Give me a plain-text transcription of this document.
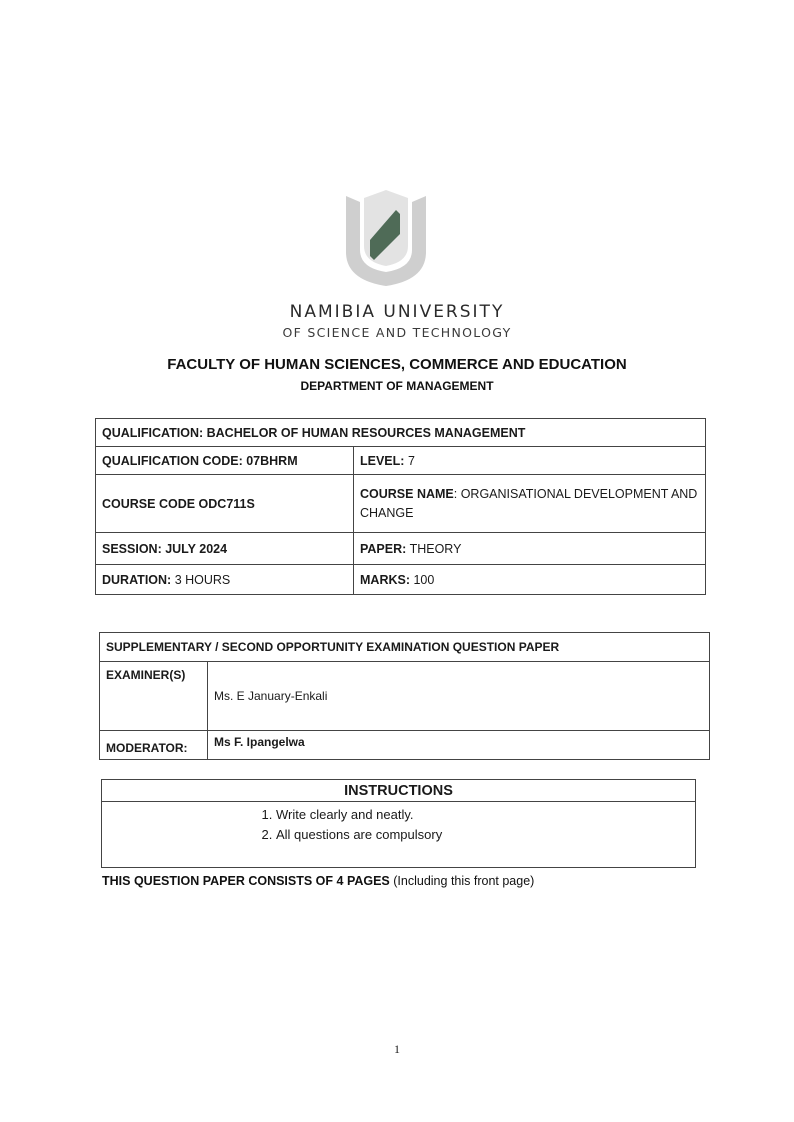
NAMIBIA UNIVERSITY
OF SCIENCE AND TECHNOLOGY
FACULTY OF HUMAN SCIENCES, COMMERCE AND EDUCATION
DEPARTMENT OF MANAGEMENT
QUALIFICATION: BACHELOR OF HUMAN RESOURCES MANAGEMENT	
QUALIFICATION CODE: 07BHRM	LEVEL: 7
COURSE CODE ODC711S	COURSE NAME: ORGANISATIONAL DEVELOPMENT AND CHANGE
SESSION: JULY 2024	PAPER: THEORY
DURATION: 3 HOURS	MARKS: 100
SUPPLEMENTARY / SECOND OPPORTUNITY EXAMINATION QUESTION PAPER	
EXAMINER(S)	Ms. E January-Enkali
MODERATOR:	Ms F. Ipangelwa
INSTRUCTIONS

1. Write clearly and neatly.
2. All questions are compulsory
THIS QUESTION PAPER CONSISTS OF 4 PAGES (Including this front page)
1
